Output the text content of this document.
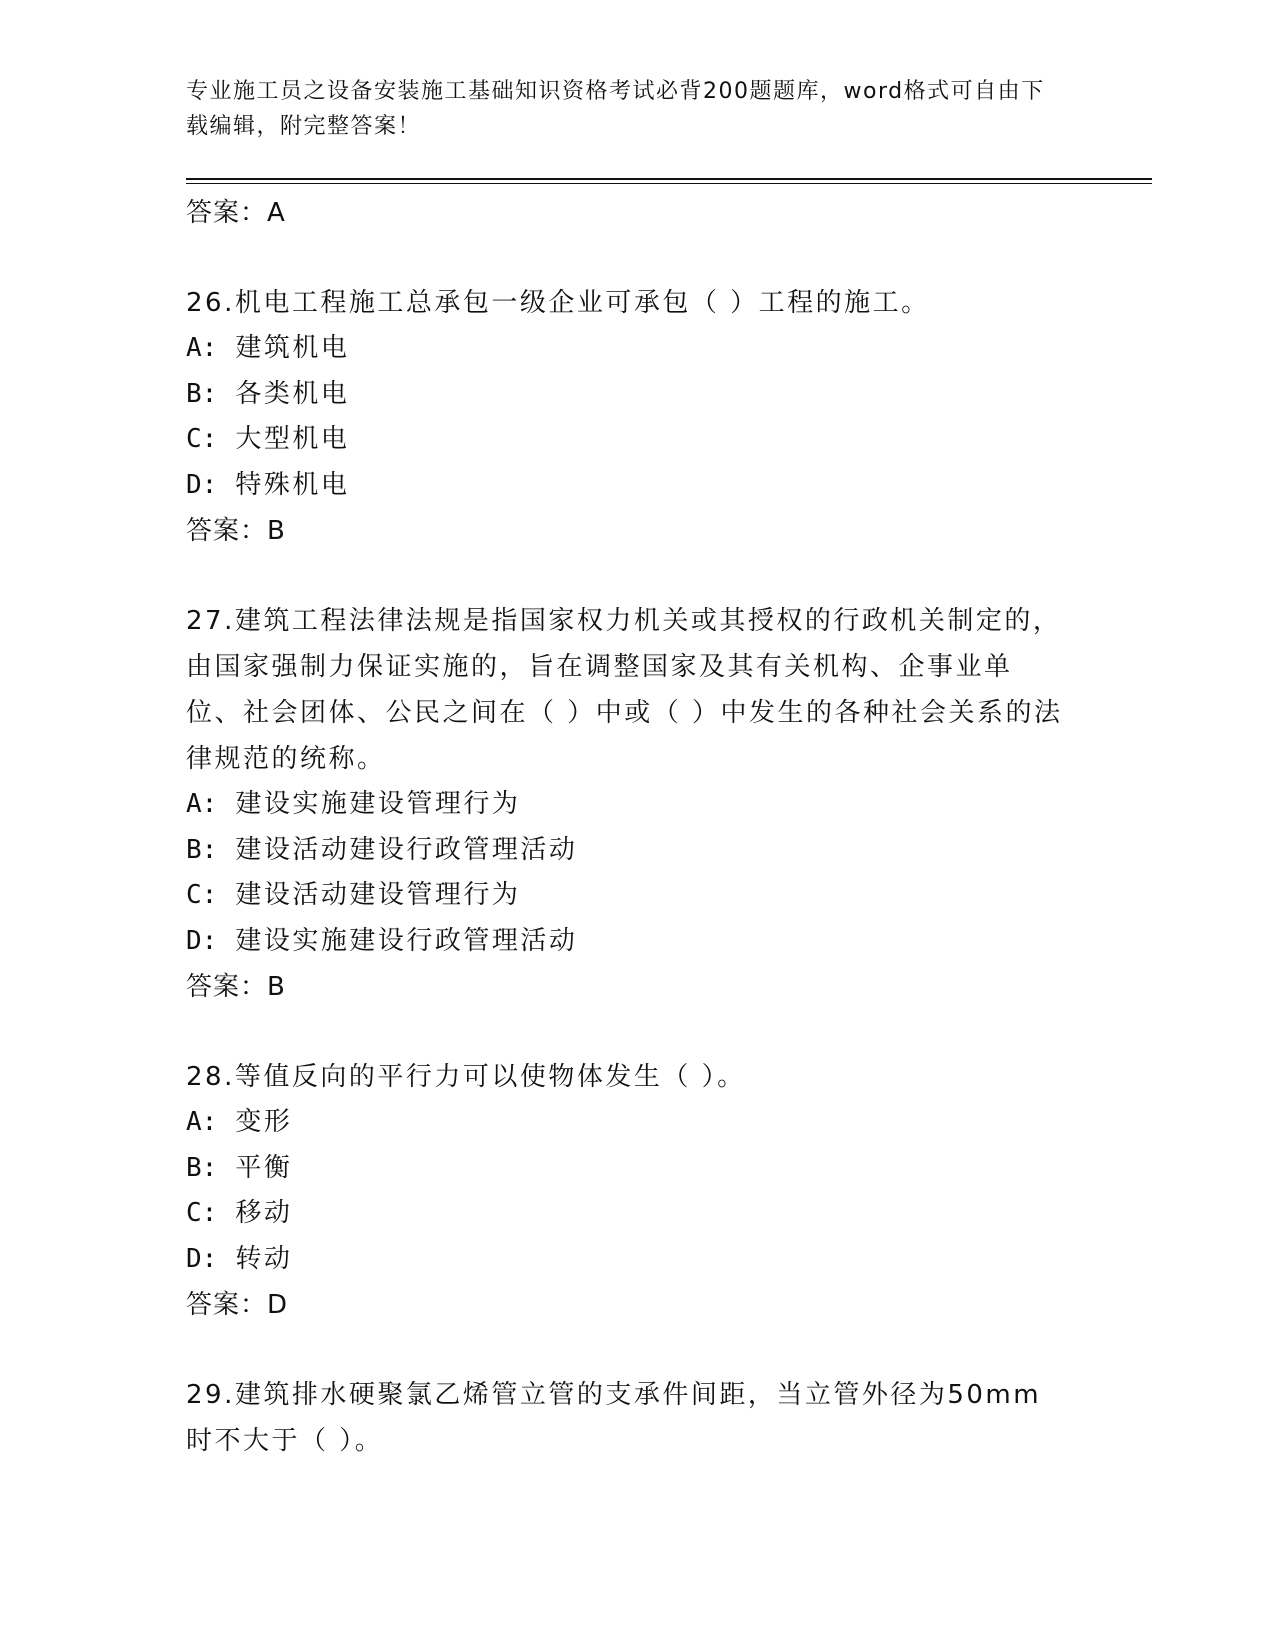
专业施工员之设备安装施工基础知识资格考试必背200题题库，word格式可自由下载编辑，附完整答案！

答案：A

26.机电工程施工总承包一级企业可承包（ ）工程的施工。

A: 建筑机电

B: 各类机电

C: 大型机电

D: 特殊机电

答案：B

27.建筑工程法律法规是指国家权力机关或其授权的行政机关制定的，由国家强制力保证实施的，旨在调整国家及其有关机构、企事业单位、社会团体、公民之间在（ ）中或（ ）中发生的各种社会关系的法律规范的统称。

A: 建设实施建设管理行为

B: 建设活动建设行政管理活动

C: 建设活动建设管理行为

D: 建设实施建设行政管理活动

答案：B

28.等值反向的平行力可以使物体发生（ ）。

A: 变形

B: 平衡

C: 移动

D: 转动

答案：D

29.建筑排水硬聚氯乙烯管立管的支承件间距，当立管外径为50mm时不大于（ ）。
